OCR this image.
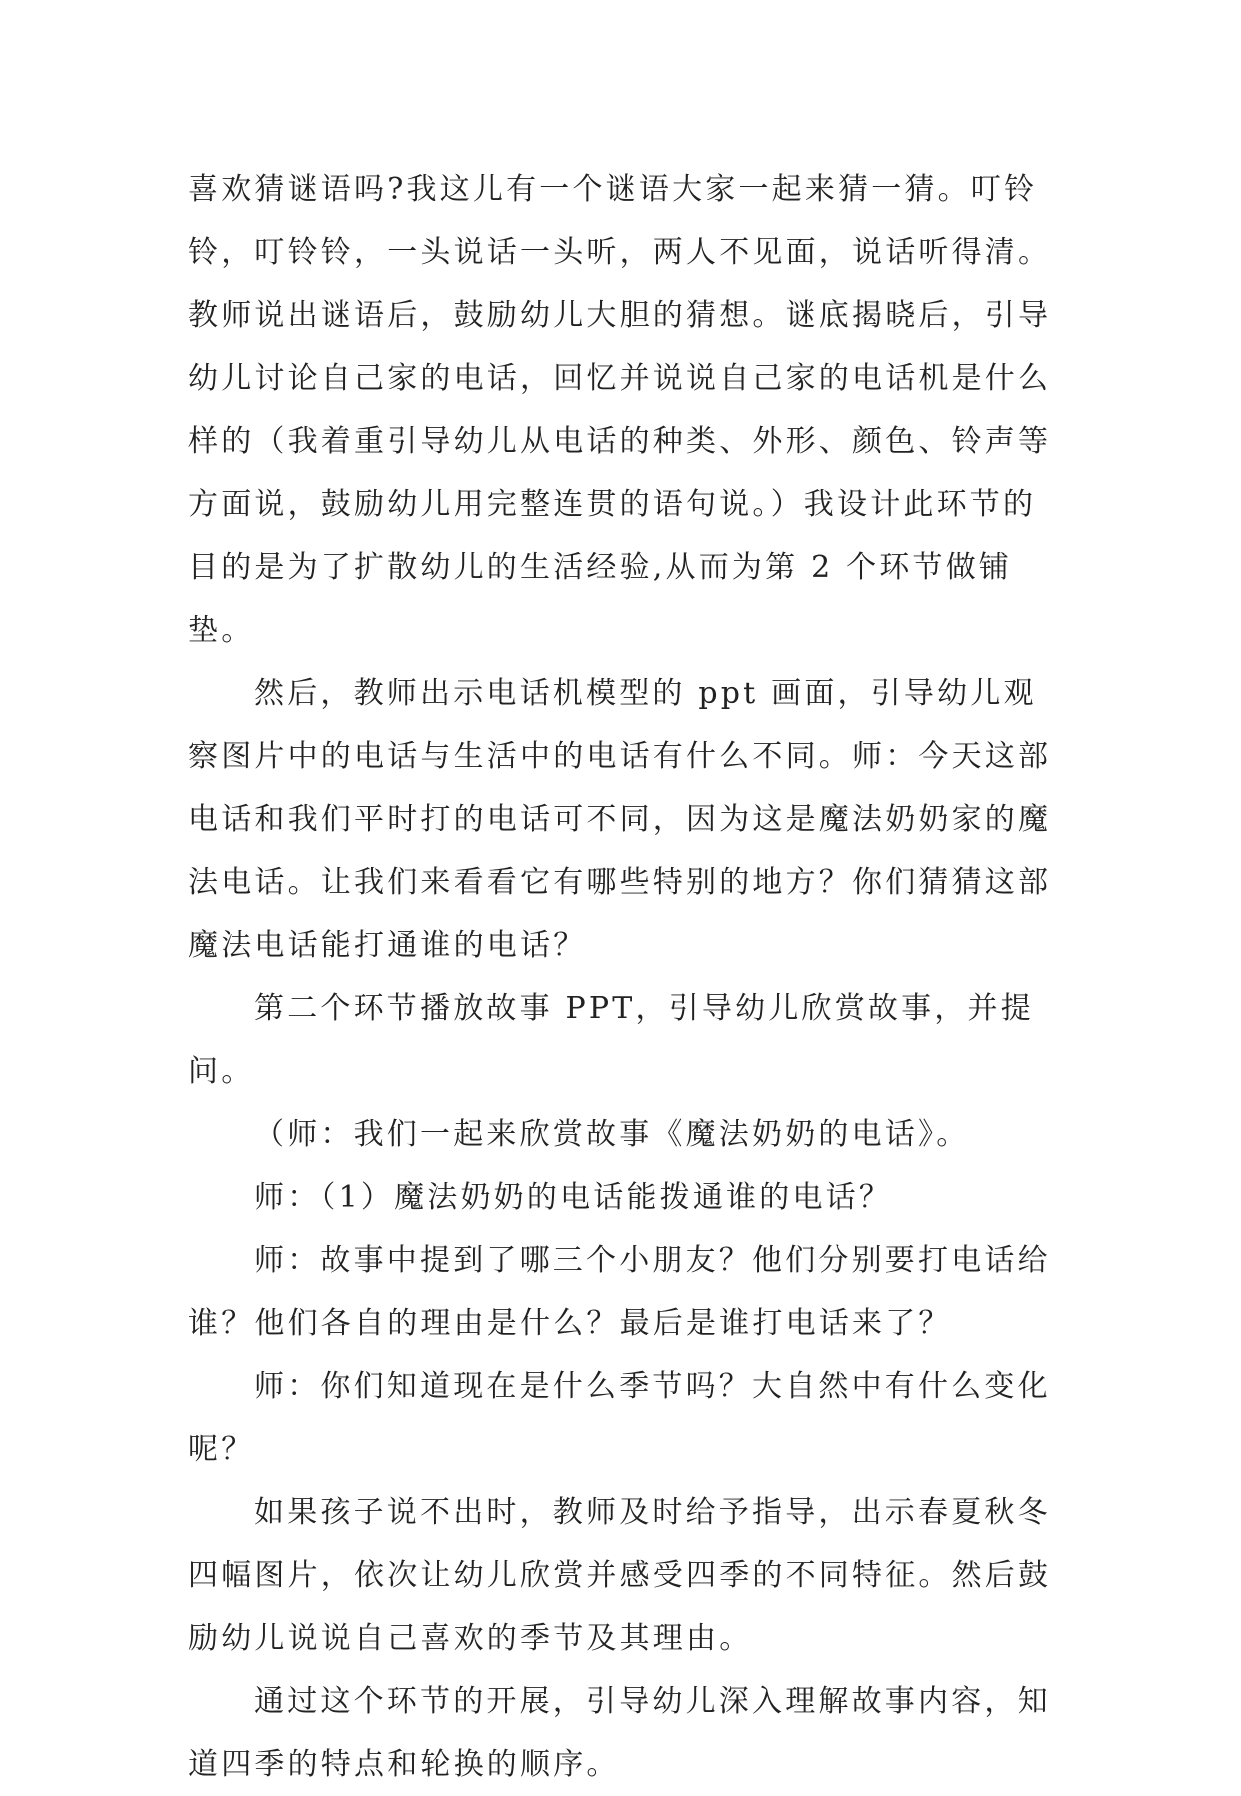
喜欢猜谜语吗?我这儿有一个谜语大家一起来猜一猜。叮铃铃，叮铃铃，一头说话一头听，两人不见面，说话听得清。教师说出谜语后，鼓励幼儿大胆的猜想。谜底揭晓后，引导幼儿讨论自己家的电话，回忆并说说自己家的电话机是什么样的（我着重引导幼儿从电话的种类、外形、颜色、铃声等方面说，鼓励幼儿用完整连贯的语句说。）我设计此环节的目的是为了扩散幼儿的生活经验,从而为第 2 个环节做铺垫。

然后，教师出示电话机模型的 ppt 画面，引导幼儿观察图片中的电话与生活中的电话有什么不同。师：今天这部电话和我们平时打的电话可不同，因为这是魔法奶奶家的魔法电话。让我们来看看它有哪些特别的地方？你们猜猜这部魔法电话能打通谁的电话？

第二个环节播放故事 PPT，引导幼儿欣赏故事，并提问。

（师：我们一起来欣赏故事《魔法奶奶的电话》。

师：（1）魔法奶奶的电话能拨通谁的电话？

师：故事中提到了哪三个小朋友？他们分别要打电话给谁？他们各自的理由是什么？最后是谁打电话来了？

师：你们知道现在是什么季节吗？大自然中有什么变化呢？

如果孩子说不出时，教师及时给予指导，出示春夏秋冬四幅图片，依次让幼儿欣赏并感受四季的不同特征。然后鼓励幼儿说说自己喜欢的季节及其理由。

通过这个环节的开展，引导幼儿深入理解故事内容，知道四季的特点和轮换的顺序。
